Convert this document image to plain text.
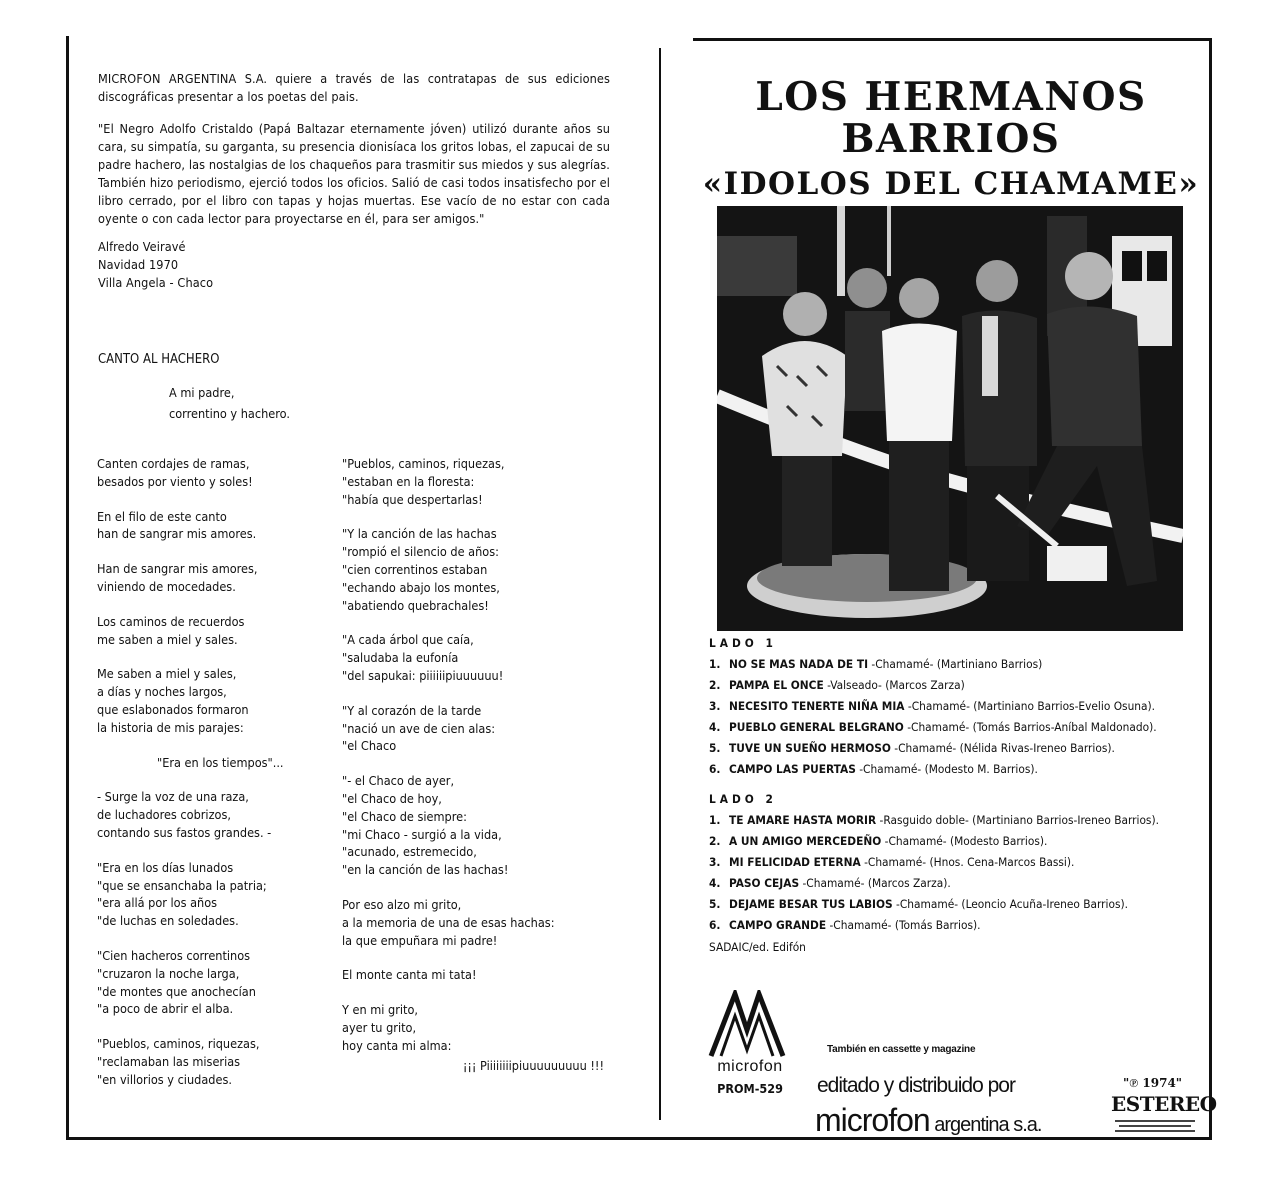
MICROFON ARGENTINA S.A. quiere a través de las contratapas de sus ediciones discográficas presentar a los poetas del pais.

"El Negro Adolfo Cristaldo (Papá Baltazar eternamente jóven) utilizó durante años su cara, su simpatía, su garganta, su presencia dionisíaca los gritos lobas, el zapucai de su padre hachero, las nostalgias de los chaqueños para trasmitir sus miedos y sus alegrías. También hizo periodismo, ejerció todos los oficios. Salió de casi todos insatisfecho por el libro cerrado, por el libro con tapas y hojas muertas. Ese vacío de no estar con cada oyente o con cada lector para proyectarse en él, para ser amigos."

Alfredo Veiravé

Navidad 1970

Villa Angela - Chaco

CANTO AL HACHERO
A mi padre,
correntino y hachero.
Canten cordajes de ramas,
besados por viento y soles!
En el filo de este canto
han de sangrar mis amores.
Han de sangrar mis amores,
viniendo de mocedades.
Los caminos de recuerdos
me saben a miel y sales.
Me saben a miel y sales,
a días y noches largos,
que eslabonados formaron
la historia de mis parajes:
"Era en los tiempos"...
- Surge la voz de una raza,
de luchadores cobrizos,
contando sus fastos grandes. -
"Era en los días lunados
"que se ensanchaba la patria;
"era allá por los años
"de luchas en soledades.
"Cien hacheros correntinos
"cruzaron la noche larga,
"de montes que anochecían
"a poco de abrir el alba.
"Pueblos, caminos, riquezas,
"reclamaban las miserias
"en villorios y ciudades.
"Pueblos, caminos, riquezas,
"estaban en la floresta:
"había que despertarlas!
"Y la canción de las hachas
"rompió el silencio de años:
"cien correntinos estaban
"echando abajo los montes,
"abatiendo quebrachales!
"A cada árbol que caía,
"saludaba la eufonía
"del sapukai: piiiiiipiuuuuuu!
"Y al corazón de la tarde
"nació un ave de cien alas:
"el Chaco
"- el Chaco de ayer,
"el Chaco de hoy,
"el Chaco de siempre:
"mi Chaco - surgió a la vida,
"acunado, estremecido,
"en la canción de las hachas!
Por eso alzo mi grito,
a la memoria de una de esas hachas:
la que empuñara mi padre!
El monte canta mi tata!
Y en mi grito,
ayer tu grito,
hoy canta mi alma:
¡¡¡ Piiiiiiiipiuuuuuuuuu !!!
LOS HERMANOS
BARRIOS
«IDOLOS DEL CHAMAME»
LADO 1
1. NO SE MAS NADA DE TI -Chamamé- (Martiniano Barrios)
2. PAMPA EL ONCE -Valseado- (Marcos Zarza)
3. NECESITO TENERTE NIÑA MIA -Chamamé- (Martiniano Barrios-Evelio Osuna).
4. PUEBLO GENERAL BELGRANO -Chamamé- (Tomás Barrios-Aníbal Maldonado).
5. TUVE UN SUEÑO HERMOSO -Chamamé- (Nélida Rivas-Ireneo Barrios).
6. CAMPO LAS PUERTAS -Chamamé- (Modesto M. Barrios).
LADO 2
1. TE AMARE HASTA MORIR -Rasguido doble- (Martiniano Barrios-Ireneo Barrios).
2. A UN AMIGO MERCEDEÑO -Chamamé- (Modesto Barrios).
3. MI FELICIDAD ETERNA -Chamamé- (Hnos. Cena-Marcos Bassi).
4. PASO CEJAS -Chamamé- (Marcos Zarza).
5. DEJAME BESAR TUS LABIOS -Chamamé- (Leoncio Acuña-Ireneo Barrios).
6. CAMPO GRANDE -Chamamé- (Tomás Barrios).
SADAIC/ed. Edifón
microfon
PROM-529
También en cassette y magazine
editado y distribuido por
microfon argentina s.a.
"℗ 1974"
ESTEREO
